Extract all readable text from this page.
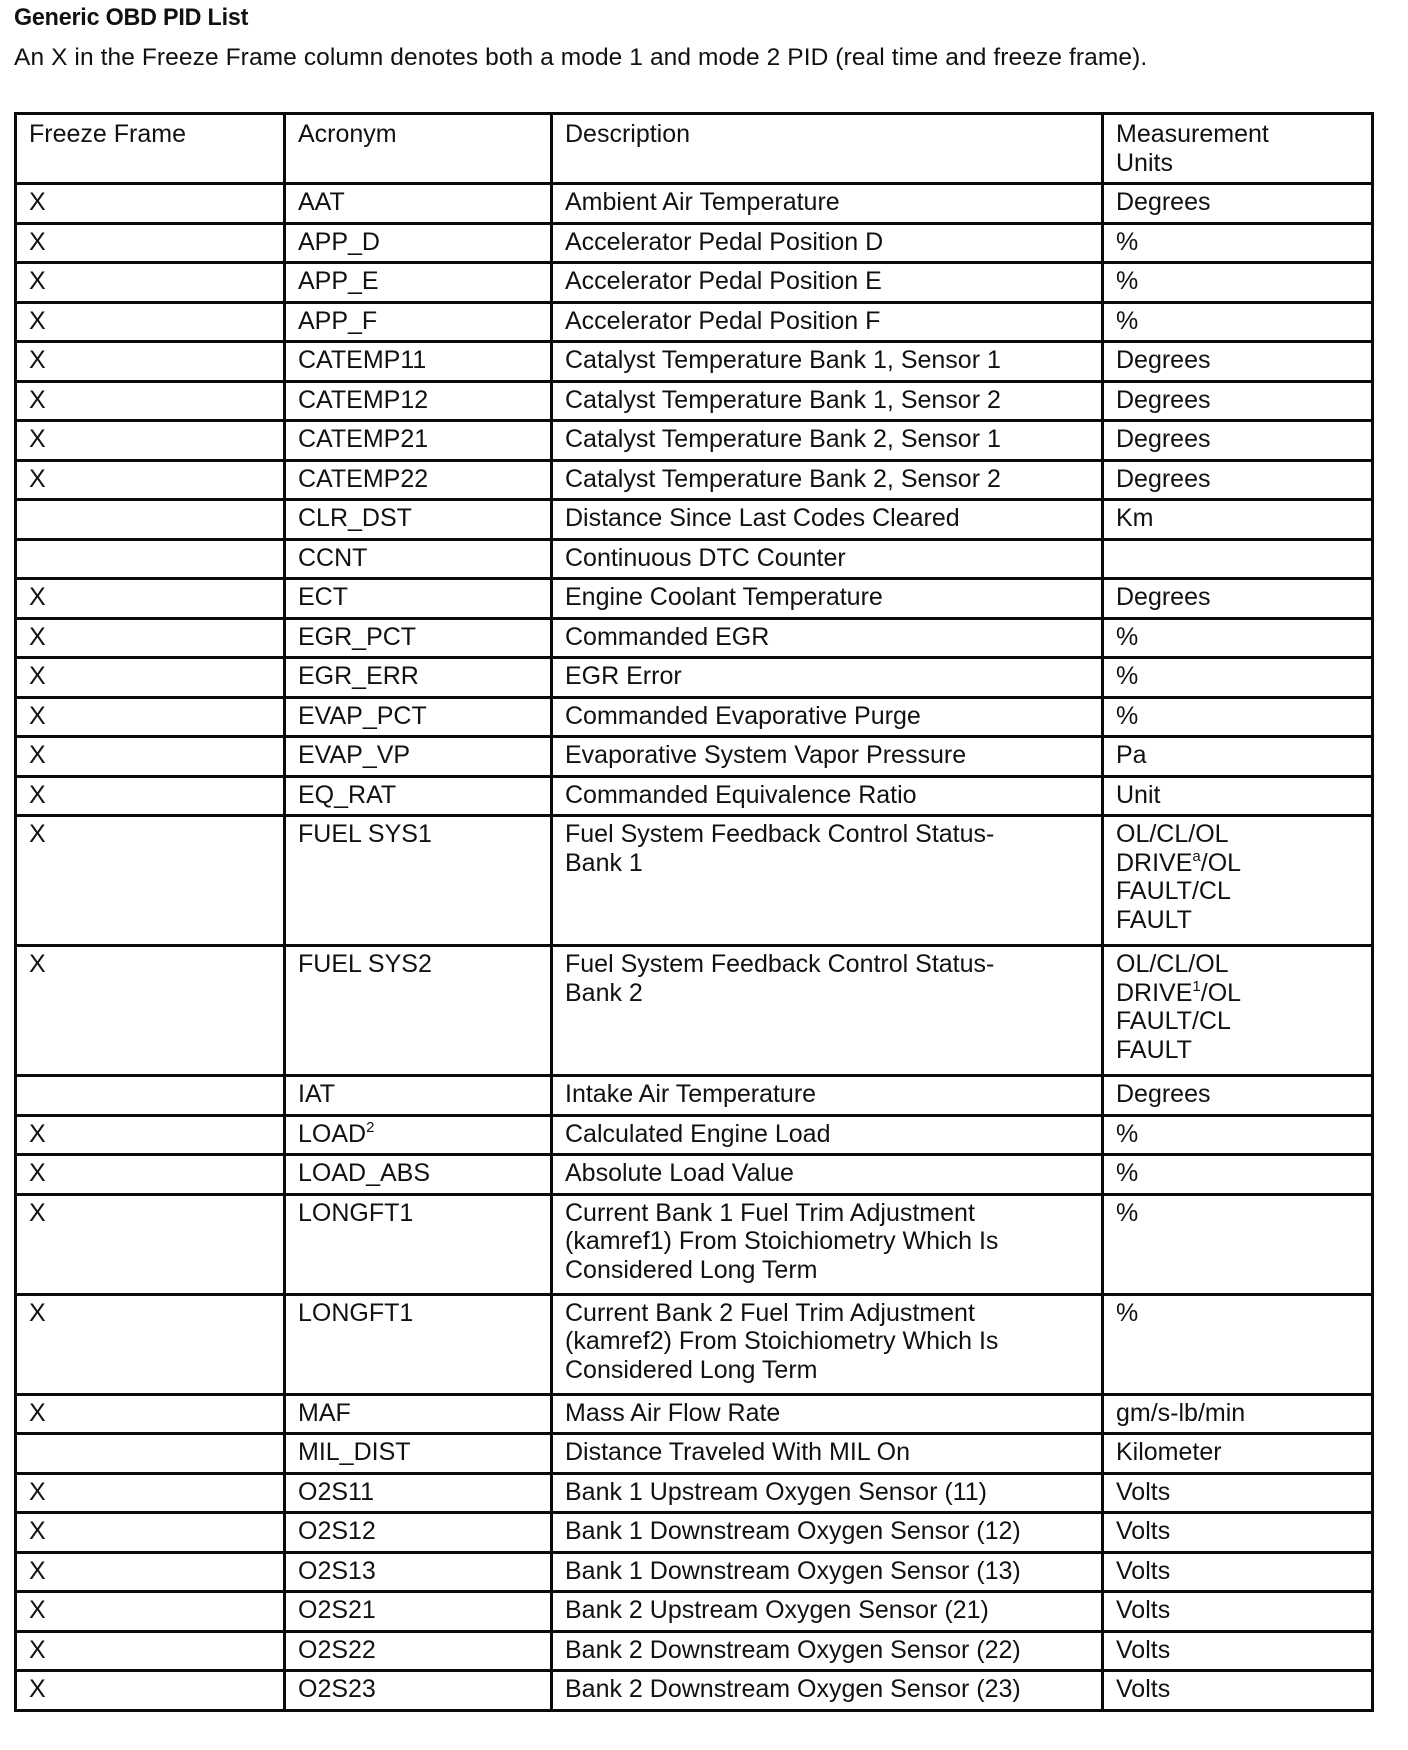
Generic OBD PID List
An X in the Freeze Frame column denotes both a mode 1 and mode 2 PID (real time and freeze frame).
Freeze Frame	Acronym	Description	Measurement
Units

X	AAT	Ambient Air Temperature	Degrees

X	APP_D	Accelerator Pedal Position D	%

X	APP_E	Accelerator Pedal Position E	%

X	APP_F	Accelerator Pedal Position F	%

X	CATEMP11	Catalyst Temperature Bank 1, Sensor 1	Degrees

X	CATEMP12	Catalyst Temperature Bank 1, Sensor 2	Degrees

X	CATEMP21	Catalyst Temperature Bank 2, Sensor 1	Degrees

X	CATEMP22	Catalyst Temperature Bank 2, Sensor 2	Degrees

	CLR_DST	Distance Since Last Codes Cleared	Km

	CCNT	Continuous DTC Counter	

X	ECT	Engine Coolant Temperature	Degrees

X	EGR_PCT	Commanded EGR	%

X	EGR_ERR	EGR Error	%

X	EVAP_PCT	Commanded Evaporative Purge	%

X	EVAP_VP	Evaporative System Vapor Pressure	Pa

X	EQ_RAT	Commanded Equivalence Ratio	Unit

X	FUEL SYS1	Fuel System Feedback Control Status-
Bank 1	OL/CL/OL
DRIVE$^a$/OL
FAULT/CL
FAULT

X	FUEL SYS2	Fuel System Feedback Control Status-
Bank 2	OL/CL/OL
DRIVE$^1$/OL
FAULT/CL
FAULT

	IAT	Intake Air Temperature	Degrees

X	LOAD$^2$	Calculated Engine Load	%

X	LOAD_ABS	Absolute Load Value	%

X	LONGFT1	Current Bank 1 Fuel Trim Adjustment
(kamref1) From Stoichiometry Which Is
Considered Long Term	%

X	LONGFT1	Current Bank 2 Fuel Trim Adjustment
(kamref2) From Stoichiometry Which Is
Considered Long Term	%

X	MAF	Mass Air Flow Rate	gm/s-lb/min

	MIL_DIST	Distance Traveled With MIL On	Kilometer

X	O2S11	Bank 1 Upstream Oxygen Sensor (11)	Volts

X	O2S12	Bank 1 Downstream Oxygen Sensor (12)	Volts

X	O2S13	Bank 1 Downstream Oxygen Sensor (13)	Volts

X	O2S21	Bank 2 Upstream Oxygen Sensor (21)	Volts

X	O2S22	Bank 2 Downstream Oxygen Sensor (22)	Volts

X	O2S23	Bank 2 Downstream Oxygen Sensor (23)	Volts
